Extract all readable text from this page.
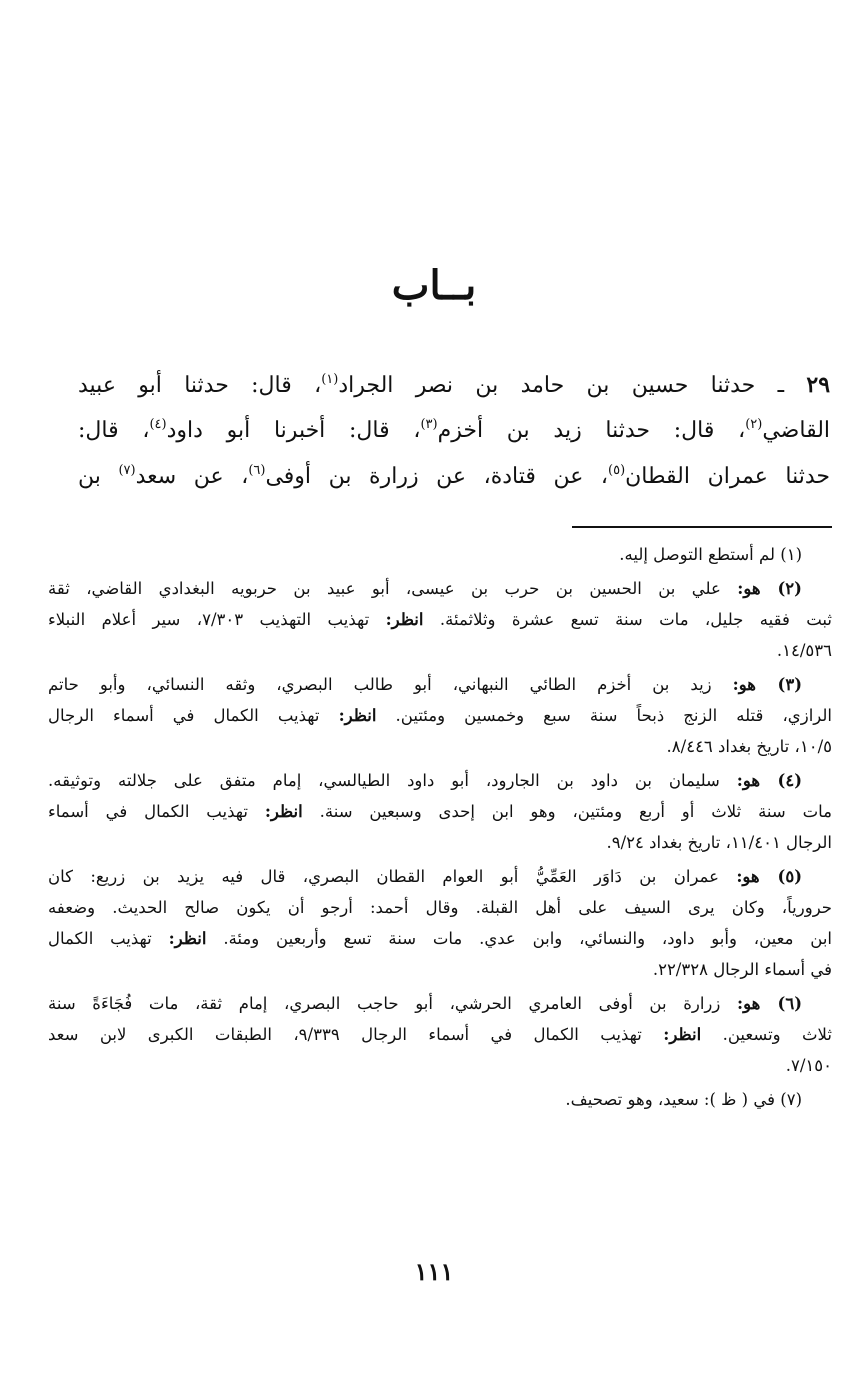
بــاب
٢٩ ـ حدثنا حسين بن حامد بن نصر الجراد$^{(١)}$، قال: حدثنا أبو عبيد
القاضي$^{(٢)}$، قال: حدثنا زيد بن أخزم$^{(٣)}$، قال: أخبرنا أبو داود$^{(٤)}$، قال:
حدثنا عمران القطان$^{(٥)}$، عن قتادة، عن زرارة بن أوفى$^{(٦)}$، عن سعد$^{(٧)}$ بن
(١) لم أستطع التوصل إليه.
(٢) هو: علي بن الحسين بن حرب بن عيسى، أبو عبيد بن حربويه البغدادي القاضي، ثقة
ثبت فقيه جليل، مات سنة تسع عشرة وثلاثمئة. انظر: تهذيب التهذيب ٧/٣٠٣، سير أعلام النبلاء
١٤/٥٣٦.
(٣) هو: زيد بن أخزم الطائي النبهاني، أبو طالب البصري، وثقه النسائي، وأبو حاتم
الرازي، قتله الزنج ذبحاً سنة سبع وخمسين ومئتين. انظر: تهذيب الكمال في أسماء الرجال
١٠/٥، تاريخ بغداد ٨/٤٤٦.
(٤) هو: سليمان بن داود بن الجارود، أبو داود الطيالسي، إمام متفق على جلالته وتوثيقه.
مات سنة ثلاث أو أربع ومئتين، وهو ابن إحدى وسبعين سنة. انظر: تهذيب الكمال في أسماء
الرجال ١١/٤٠١، تاريخ بغداد ٩/٢٤.
(٥) هو: عمران بن دَاوَر العَمِّيُّ أبو العوام القطان البصري، قال فيه يزيد بن زريع: كان
حرورياً، وكان يرى السيف على أهل القبلة. وقال أحمد: أرجو أن يكون صالح الحديث. وضعفه
ابن معين، وأبو داود، والنسائي، وابن عدي. مات سنة تسع وأربعين ومئة. انظر: تهذيب الكمال
في أسماء الرجال ٢٢/٣٢٨.
(٦) هو: زرارة بن أوفى العامري الحرشي، أبو حاجب البصري، إمام ثقة، مات فُجَاءَةً سنة
ثلاث وتسعين. انظر: تهذيب الكمال في أسماء الرجال ٩/٣٣٩، الطبقات الكبرى لابن سعد
٧/١٥٠.
(٧) في ( ظ ): سعيد، وهو تصحيف.
١١١
